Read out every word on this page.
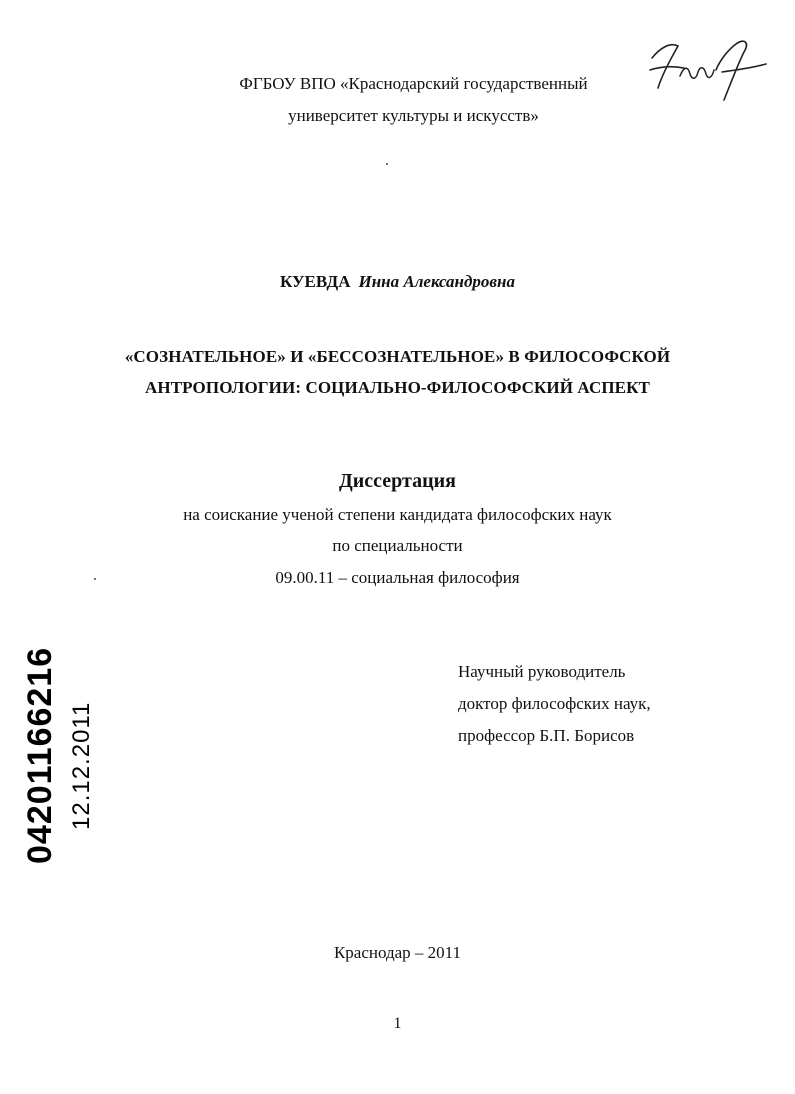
ФГБОУ ВПО «Краснодарский государственный
университет культуры и искусств»
КУЕВДА Инна Александровна
«СОЗНАТЕЛЬНОЕ» И «БЕССОЗНАТЕЛЬНОЕ» В ФИЛОСОФСКОЙ
АНТРОПОЛОГИИ: СОЦИАЛЬНО-ФИЛОСОФСКИЙ АСПЕКТ
Диссертация
на соискание ученой степени кандидата философских наук
по специальности
09.00.11 – социальная философия
Научный руководитель
доктор философских наук,
профессор Б.П. Борисов
04201166216 12.12.2011
Краснодар – 2011
1
